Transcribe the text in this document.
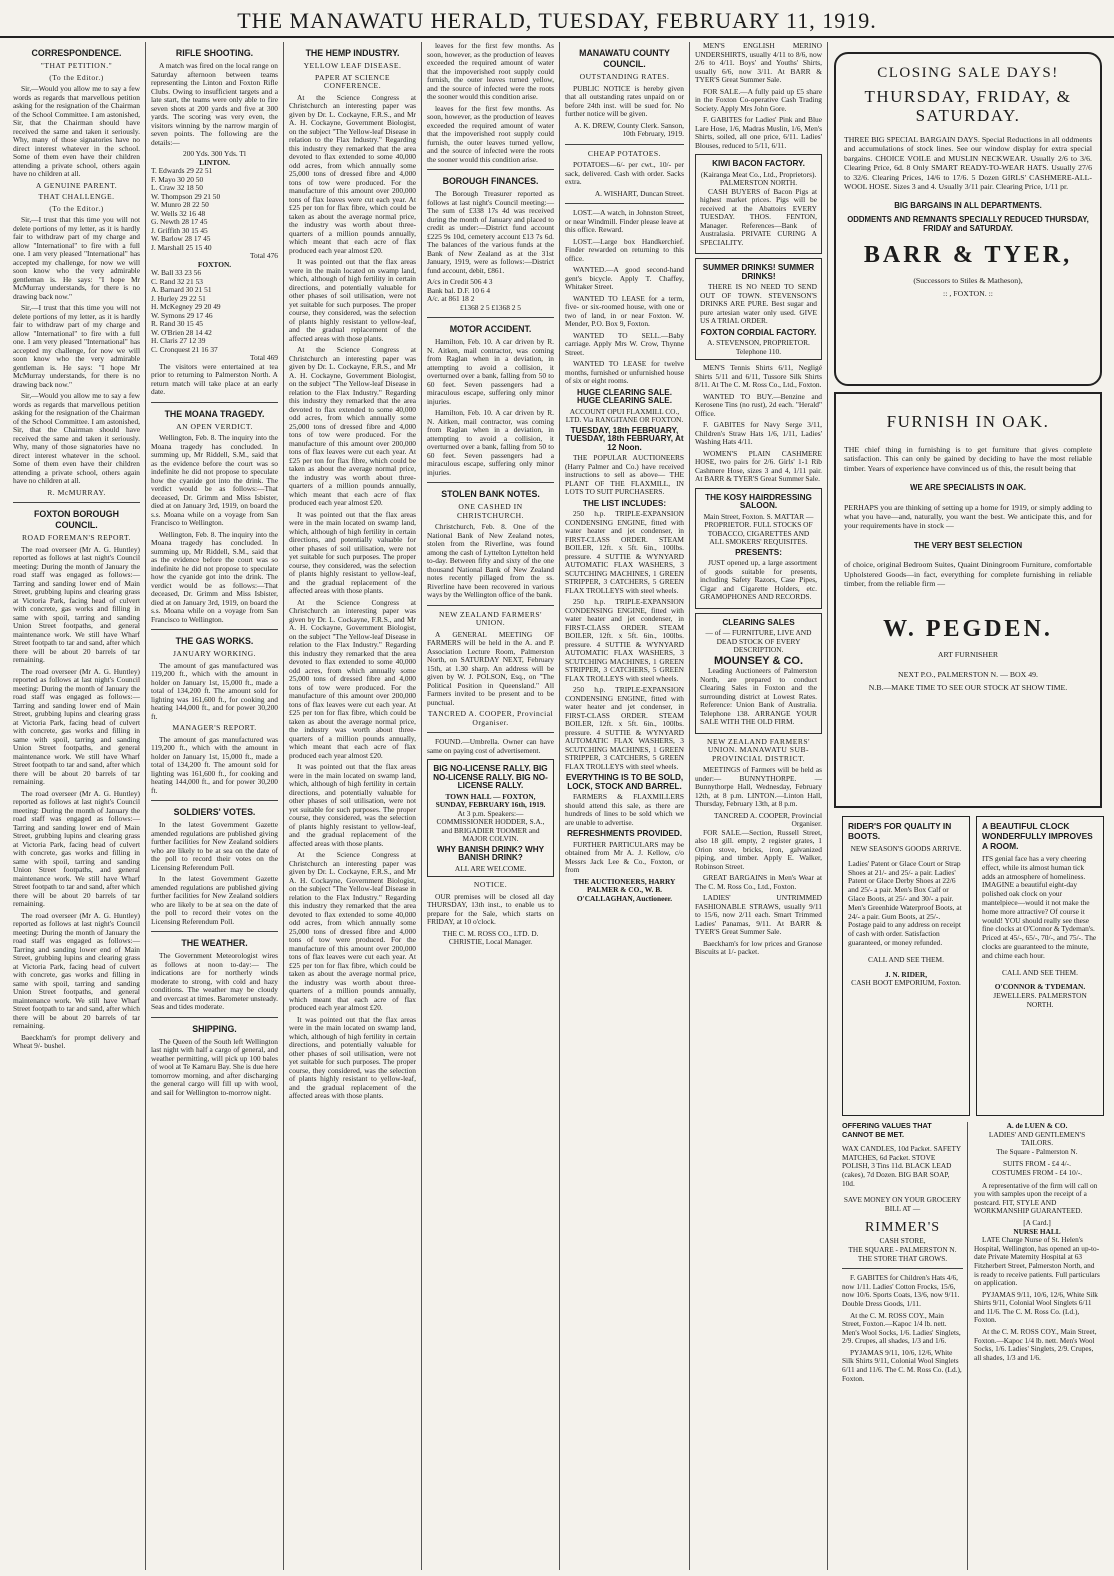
THE MANAWATU HERALD, TUESDAY, FEBRUARY 11, 1919.
CORRESPONDENCE.
"THAT PETITION."
(To the Editor.)

Sir,—Would you allow me to say a few words as regards that marvellous petition asking for the resignation of the Chairman of the School Committee. I am astonished, Sir, that the Chairman should have received the same and taken it seriously. Why, many of those signatories have no direct interest whatever in the school. Some of them even have their children attending a private school, others again have no children at all.

A GENUINE PARENT.
THAT CHALLENGE.
(To the Editor.)

Sir,—I trust that this time you will not delete portions of my letter, as it is hardly fair to withdraw part of my charge and allow "International" to fire with a full one. I am very pleased "International" has accepted my challenge, for now we will soon know who the very admirable gentleman is. He says: "I hope Mr McMurray understands, for there is no drawing back now."

Sir,—I trust that this time you will not delete portions of my letter, as it is hardly fair to withdraw part of my charge and allow "International" to fire with a full one. I am very pleased "International" has accepted my challenge, for now we will soon know who the very admirable gentleman is. He says: "I hope Mr McMurray understands, for there is no drawing back now."

Sir,—Would you allow me to say a few words as regards that marvellous petition asking for the resignation of the Chairman of the School Committee. I am astonished, Sir, that the Chairman should have received the same and taken it seriously. Why, many of those signatories have no direct interest whatever in the school. Some of them even have their children attending a private school, others again have no children at all.

R. McMURRAY.
FOXTON BOROUGH COUNCIL.
ROAD FOREMAN'S REPORT.

The road overseer (Mr A. G. Huntley) reported as follows at last night's Council meeting: During the month of January the road staff was engaged as follows:—Tarring and sanding lower end of Main Street, grubbing lupins and clearing grass at Victoria Park, facing head of culvert with concrete, gas works and filling in same with spoil, tarring and sanding Union Street footpaths, and general maintenance work. We still have Wharf Street footpath to tar and sand, after which there will be about 20 barrels of tar remaining.

The road overseer (Mr A. G. Huntley) reported as follows at last night's Council meeting: During the month of January the road staff was engaged as follows:—Tarring and sanding lower end of Main Street, grubbing lupins and clearing grass at Victoria Park, facing head of culvert with concrete, gas works and filling in same with spoil, tarring and sanding Union Street footpaths, and general maintenance work. We still have Wharf Street footpath to tar and sand, after which there will be about 20 barrels of tar remaining.

The road overseer (Mr A. G. Huntley) reported as follows at last night's Council meeting: During the month of January the road staff was engaged as follows:—Tarring and sanding lower end of Main Street, grubbing lupins and clearing grass at Victoria Park, facing head of culvert with concrete, gas works and filling in same with spoil, tarring and sanding Union Street footpaths, and general maintenance work. We still have Wharf Street footpath to tar and sand, after which there will be about 20 barrels of tar remaining.

The road overseer (Mr A. G. Huntley) reported as follows at last night's Council meeting: During the month of January the road staff was engaged as follows:—Tarring and sanding lower end of Main Street, grubbing lupins and clearing grass at Victoria Park, facing head of culvert with concrete, gas works and filling in same with spoil, tarring and sanding Union Street footpaths, and general maintenance work. We still have Wharf Street footpath to tar and sand, after which there will be about 20 barrels of tar remaining.

Baeckham's for prompt delivery and Wheat 9/- bushel.

RIFLE SHOOTING.

A match was fired on the local range on Saturday afternoon between teams representing the Linton and Foxton Rifle Clubs. Owing to insufficient targets and a late start, the teams were only able to fire seven shots at 200 yards and five at 300 yards. The scoring was very even, the visitors winning by the narrow margin of seven points. The following are the details:—

200 Yds. 300 Yds. Tl
LINTON.
T. Edwards 29 22 51
F. Mayo 30 20 50
L. Craw 32 18 50
W. Thompson 29 21 50
W. Munro 28 22 50
W. Wells 32 16 48
G. Newth 28 17 45
J. Griffith 30 15 45
W. Barlow 28 17 45
J. Marshall 25 15 40
Total 476
FOXTON.
W. Ball 33 23 56
C. Rand 32 21 53
A. Barnard 30 21 51
J. Hurley 29 22 51
H. McKegney 29 20 49
W. Symons 29 17 46
R. Rand 30 15 45
W. O'Brien 28 14 42
H. Claris 27 12 39
C. Cronquest 21 16 37
Total 469

The visitors were entertained at tea prior to returning to Palmerston North. A return match will take place at an early date.

THE MOANA TRAGEDY.
AN OPEN VERDICT.

Wellington, Feb. 8. The inquiry into the Moana tragedy has concluded. In summing up, Mr Riddell, S.M., said that as the evidence before the court was so indefinite he did not propose to speculate how the cyanide got into the drink. The verdict would be as follows:—That deceased, Dr. Grimm and Miss Isbister, died at on January 3rd, 1919, on board the s.s. Moana while on a voyage from San Francisco to Wellington.

Wellington, Feb. 8. The inquiry into the Moana tragedy has concluded. In summing up, Mr Riddell, S.M., said that as the evidence before the court was so indefinite he did not propose to speculate how the cyanide got into the drink. The verdict would be as follows:—That deceased, Dr. Grimm and Miss Isbister, died at on January 3rd, 1919, on board the s.s. Moana while on a voyage from San Francisco to Wellington.

THE GAS WORKS.
JANUARY WORKING.

The amount of gas manufactured was 119,200 ft., which with the amount in holder on January 1st, 15,000 ft., made a total of 134,200 ft. The amount sold for lighting was 161,600 ft., for cooking and heating 144,000 ft., and for power 30,200 ft.

MANAGER'S REPORT.

The amount of gas manufactured was 119,200 ft., which with the amount in holder on January 1st, 15,000 ft., made a total of 134,200 ft. The amount sold for lighting was 161,600 ft., for cooking and heating 144,000 ft., and for power 30,200 ft.

SOLDIERS' VOTES.

In the latest Government Gazette amended regulations are published giving further facilities for New Zealand soldiers who are likely to be at sea on the date of the poll to record their votes on the Licensing Referendum Poll.

In the latest Government Gazette amended regulations are published giving further facilities for New Zealand soldiers who are likely to be at sea on the date of the poll to record their votes on the Licensing Referendum Poll.

THE WEATHER.

The Government Meteorologist wires as follows at noon to-day:— The indications are for northerly winds moderate to strong, with cold and hazy conditions. The weather may be cloudy and overcast at times. Barometer unsteady. Seas and tides moderate.

SHIPPING.

The Queen of the South left Wellington last night with half a cargo of general, and weather permitting, will pick up 100 bales of wool at Te Kamaru Bay. She is due here tomorrow morning, and after discharging the general cargo will fill up with wool, and sail for Wellington to-morrow night.

THE HEMP INDUSTRY.
YELLOW LEAF DISEASE.
PAPER AT SCIENCE CONFERENCE.

At the Science Congress at Christchurch an interesting paper was given by Dr. L. Cockayne, F.R.S., and Mr A. H. Cockayne, Government Biologist, on the subject "The Yellow-leaf Disease in relation to the Flax Industry." Regarding this industry they remarked that the area devoted to flax extended to some 40,000 odd acres, from which annually some 25,000 tons of dressed fibre and 4,000 tons of tow were produced. For the manufacture of this amount over 200,000 tons of flax leaves were cut each year. At £25 per ton for flax fibre, which could be taken as about the average normal price, the industry was worth about three-quarters of a million pounds annually, which meant that each acre of flax produced each year almost £20.

It was pointed out that the flax areas were in the main located on swamp land, which, although of high fertility in certain directions, and potentially valuable for other phases of soil utilisation, were not yet suitable for such purposes. The proper course, they considered, was the selection of plants highly resistant to yellow-leaf, and the gradual replacement of the affected areas with those plants.

At the Science Congress at Christchurch an interesting paper was given by Dr. L. Cockayne, F.R.S., and Mr A. H. Cockayne, Government Biologist, on the subject "The Yellow-leaf Disease in relation to the Flax Industry." Regarding this industry they remarked that the area devoted to flax extended to some 40,000 odd acres, from which annually some 25,000 tons of dressed fibre and 4,000 tons of tow were produced. For the manufacture of this amount over 200,000 tons of flax leaves were cut each year. At £25 per ton for flax fibre, which could be taken as about the average normal price, the industry was worth about three-quarters of a million pounds annually, which meant that each acre of flax produced each year almost £20.

It was pointed out that the flax areas were in the main located on swamp land, which, although of high fertility in certain directions, and potentially valuable for other phases of soil utilisation, were not yet suitable for such purposes. The proper course, they considered, was the selection of plants highly resistant to yellow-leaf, and the gradual replacement of the affected areas with those plants.

At the Science Congress at Christchurch an interesting paper was given by Dr. L. Cockayne, F.R.S., and Mr A. H. Cockayne, Government Biologist, on the subject "The Yellow-leaf Disease in relation to the Flax Industry." Regarding this industry they remarked that the area devoted to flax extended to some 40,000 odd acres, from which annually some 25,000 tons of dressed fibre and 4,000 tons of tow were produced. For the manufacture of this amount over 200,000 tons of flax leaves were cut each year. At £25 per ton for flax fibre, which could be taken as about the average normal price, the industry was worth about three-quarters of a million pounds annually, which meant that each acre of flax produced each year almost £20.

It was pointed out that the flax areas were in the main located on swamp land, which, although of high fertility in certain directions, and potentially valuable for other phases of soil utilisation, were not yet suitable for such purposes. The proper course, they considered, was the selection of plants highly resistant to yellow-leaf, and the gradual replacement of the affected areas with those plants.

At the Science Congress at Christchurch an interesting paper was given by Dr. L. Cockayne, F.R.S., and Mr A. H. Cockayne, Government Biologist, on the subject "The Yellow-leaf Disease in relation to the Flax Industry." Regarding this industry they remarked that the area devoted to flax extended to some 40,000 odd acres, from which annually some 25,000 tons of dressed fibre and 4,000 tons of tow were produced. For the manufacture of this amount over 200,000 tons of flax leaves were cut each year. At £25 per ton for flax fibre, which could be taken as about the average normal price, the industry was worth about three-quarters of a million pounds annually, which meant that each acre of flax produced each year almost £20.

It was pointed out that the flax areas were in the main located on swamp land, which, although of high fertility in certain directions, and potentially valuable for other phases of soil utilisation, were not yet suitable for such purposes. The proper course, they considered, was the selection of plants highly resistant to yellow-leaf, and the gradual replacement of the affected areas with those plants.

leaves for the first few months. As soon, however, as the production of leaves exceeded the required amount of water that the impoverished root supply could furnish, the outer leaves turned yellow, and the source of infected were the roots the sooner would this condition arise.

leaves for the first few months. As soon, however, as the production of leaves exceeded the required amount of water that the impoverished root supply could furnish, the outer leaves turned yellow, and the source of infected were the roots the sooner would this condition arise.

BOROUGH FINANCES.

The Borough Treasurer reported as follows at last night's Council meeting:— The sum of £338 17s 4d was received during the month of January and placed to credit as under:—District fund account £225 9s 10d, cemetery account £13 7s 6d. The balances of the various funds at the Bank of New Zealand as at the 31st January, 1919, were as follows:—District fund account, debit, £861.

A/cs in Credit 506 4 3
Bank bal. D.F. 10 6 4
A/c. at 861 18 2
£1368 2 5 £1368 2 5
MOTOR ACCIDENT.

Hamilton, Feb. 10. A car driven by R. N. Aitken, mail contractor, was coming from Raglan when in a deviation, in attempting to avoid a collision, it overturned over a bank, falling from 50 to 60 feet. Seven passengers had a miraculous escape, suffering only minor injuries.

Hamilton, Feb. 10. A car driven by R. N. Aitken, mail contractor, was coming from Raglan when in a deviation, in attempting to avoid a collision, it overturned over a bank, falling from 50 to 60 feet. Seven passengers had a miraculous escape, suffering only minor injuries.

STOLEN BANK NOTES.
ONE CASHED IN CHRISTCHURCH.

Christchurch, Feb. 8. One of the National Bank of New Zealand notes, stolen from the Riverline, was found among the cash of Lyttelton Lyttelton held to-day. Between fifty and sixty of the one thousand National Bank of New Zealand notes recently pillaged from the ss. Riverline have been recovered in various ways by the Wellington office of the bank.

NEW ZEALAND FARMERS' UNION.

A GENERAL MEETING OF FARMERS will be held in the A. and P. Association Lecture Room, Palmerston North, on SATURDAY NEXT, February 15th, at 1.30 sharp. An address will be given by W. J. POLSON, Esq., on "The Political Position in Queensland." All Farmers invited to be present and to be punctual.

TANCRED A. COOPER, Provincial Organiser.

FOUND.—Umbrella. Owner can have same on paying cost of advertisement.

BIG NO-LICENSE RALLY. BIG NO-LICENSE RALLY. BIG NO-LICENSE RALLY.
TOWN HALL — FOXTON, SUNDAY, FEBRUARY 16th, 1919.
At 3 p.m. Speakers:— COMMISSIONER HODDER, S.A., and BRIGADIER TOOMER and MAJOR COLVIN.
WHY BANISH DRINK? WHY BANISH DRINK?
ALL ARE WELCOME.
NOTICE.

OUR premises will be closed all day THURSDAY, 13th inst., to enable us to prepare for the Sale, which starts on FRIDAY, at 10 o'clock.

THE C. M. ROSS CO., LTD. D. CHRISTIE, Local Manager.
MANAWATU COUNTY COUNCIL.
OUTSTANDING RATES.

PUBLIC NOTICE is hereby given that all outstanding rates unpaid on or before 24th inst. will be sued for. No further notice will be given.

A. K. DREW, County Clerk. Sanson, 10th February, 1919.
CHEAP POTATOES.

POTATOES—6/- per cwt., 10/- per sack, delivered. Cash with order. Sacks extra.

A. WISHART, Duncan Street.

LOST.—A watch, in Johnston Street, or near Windmill. Finder please leave at this office. Reward.

LOST.—Large box Handkerchief. Finder rewarded on returning to this office.

WANTED.—A good second-hand gent's bicycle. Apply T. Chaffey, Whitaker Street.

WANTED TO LEASE for a term, five- or six-roomed house, with one or two of land, in or near Foxton. W. Mender, P.O. Box 9, Foxton.

WANTED TO SELL.—Baby carriage. Apply Mrs W. Crow, Thynne Street.

WANTED TO LEASE for twelve months, furnished or unfurnished house of six or eight rooms.

HUGE CLEARING SALE. HUGE CLEARING SALE.
ACCOUNT OPUI FLAXMILL CO., LTD. Via RANGITANE OR FOXTON.
TUESDAY, 18th FEBRUARY, TUESDAY, 18th FEBRUARY, At 12 Noon.

THE POPULAR AUCTIONEERS (Harry Palmer and Co.) have received instructions to sell as above— THE PLANT OF THE FLAXMILL, IN LOTS TO SUIT PURCHASERS.

THE LIST INCLUDES:

250 h.p. TRIPLE-EXPANSION CONDENSING ENGINE, fitted with water heater and jet condenser, in FIRST-CLASS ORDER. STEAM BOILER, 12ft. x 5ft. 6in., 100lbs. pressure. 4 SUTTIE & WYNYARD AUTOMATIC FLAX WASHERS, 3 SCUTCHING MACHINES, 1 GREEN STRIPPER, 3 CATCHERS, 5 GREEN FLAX TROLLEYS with steel wheels.

250 h.p. TRIPLE-EXPANSION CONDENSING ENGINE, fitted with water heater and jet condenser, in FIRST-CLASS ORDER. STEAM BOILER, 12ft. x 5ft. 6in., 100lbs. pressure. 4 SUTTIE & WYNYARD AUTOMATIC FLAX WASHERS, 3 SCUTCHING MACHINES, 1 GREEN STRIPPER, 3 CATCHERS, 5 GREEN FLAX TROLLEYS with steel wheels.

250 h.p. TRIPLE-EXPANSION CONDENSING ENGINE, fitted with water heater and jet condenser, in FIRST-CLASS ORDER. STEAM BOILER, 12ft. x 5ft. 6in., 100lbs. pressure. 4 SUTTIE & WYNYARD AUTOMATIC FLAX WASHERS, 3 SCUTCHING MACHINES, 1 GREEN STRIPPER, 3 CATCHERS, 5 GREEN FLAX TROLLEYS with steel wheels.

EVERYTHING IS TO BE SOLD, LOCK, STOCK AND BARREL.

FARMERS & FLAXMILLERS should attend this sale, as there are hundreds of lines to be sold which we are unable to advertise.

REFRESHMENTS PROVIDED.

FURTHER PARTICULARS may be obtained from Mr A. J. Kellow, c/o Messrs Jack Lee & Co., Foxton, or from

THE AUCTIONEERS, HARRY PALMER & CO., W. B. O'CALLAGHAN, Auctioneer.

MEN'S ENGLISH MERINO UNDERSHIRTS, usually 4/11 to 8/6, now 2/6 to 4/11. Boys' and Youths' Shirts, usually 6/6, now 3/11. At BARR & TYER'S Great Summer Sale.

FOR SALE.—A fully paid up £5 share in the Foxton Co-operative Cash Trading Society. Apply Mrs John Gore.

F. GABITES for Ladies' Pink and Blue Lare Hose, 1/6, Madras Muslin, 1/6, Men's Shirts, soiled, all one price, 6/11. Ladies' Blouses, reduced to 5/11, 6/11.

KIWI BACON FACTORY.
(Kairanga Meat Co., Ltd., Proprietors). PALMERSTON NORTH.

CASH BUYERS of Bacon Pigs at highest market prices. Pigs will be received at the Abattoirs EVERY TUESDAY. THOS. FENTON, Manager. References—Bank of Australasia. PRIVATE CURING A SPECIALITY.

SUMMER DRINKS! SUMMER DRINKS!

THERE IS NO NEED TO SEND OUT OF TOWN. STEVENSON'S DRINKS ARE PURE. Best sugar and pure artesian water only used. GIVE US A TRIAL ORDER.

FOXTON CORDIAL FACTORY.
A. STEVENSON, PROPRIETOR. Telephone 110.

MEN'S Tennis Shirts 6/11, Negligé Shirts 5/11 and 6/11, Tussore Silk Shirts 8/11. At The C. M. Ross Co., Ltd., Foxton.

WANTED TO BUY.—Benzine and Kerosene Tins (no rust), 2d each. "Herald" Office.

F. GABITES for Navy Serge 3/11, Children's Straw Hats 1/6, 1/11, Ladies' Washing Hats 4/11.

WOMEN'S PLAIN CASHMERE HOSE, two pairs for 2/6. Girls' 1-1 Rib Cashmere Hose, sizes 3 and 4, 1/11 pair. At BARR & TYER'S Great Summer Sale.

THE KOSY HAIRDRESSING SALOON.
Main Street, Foxton. S. MATTAR — PROPRIETOR. FULL STOCKS OF TOBACCO, CIGARETTES AND ALL SMOKERS' REQUISITES.
PRESENTS:

JUST opened up, a large assortment of goods suitable for presents, including Safety Razors, Case Pipes, Cigar and Cigarette Holders, etc. GRAMOPHONES AND RECORDS.

CLEARING SALES
— of — FURNITURE, LIVE AND DEAD STOCK OF EVERY DESCRIPTION.
MOUNSEY & CO.

Leading Auctioneers of Palmerston North, are prepared to conduct Clearing Sales in Foxton and the surrounding district at Lowest Rates. Reference: Union Bank of Australia. Telephone 138. ARRANGE YOUR SALE WITH THE OLD FIRM.

NEW ZEALAND FARMERS' UNION. MANAWATU SUB-PROVINCIAL DISTRICT.

MEETINGS of Farmers will be held as under:— BUNNYTHORPE. — Bunnythorpe Hall, Wednesday, February 12th, at 8 p.m. LINTON.—Linton Hall, Thursday, February 13th, at 8 p.m.

TANCRED A. COOPER, Provincial Organiser.

FOR SALE.—Section, Russell Street, also 18 gill. empty, 2 register grates, 1 Orion stove, bricks, iron, galvanized piping, and timber. Apply E. Walker, Robinson Street.

GREAT BARGAINS in Men's Wear at The C. M. Ross Co., Ltd., Foxton.

LADIES' UNTRIMMED FASHIONABLE STRAWS, usually 9/11 to 15/6, now 2/11 each. Smart Trimmed Ladies' Panamas, 9/11. At BARR & TYER'S Great Summer Sale.

Baeckham's for low prices and Granose Biscuits at 1/- packet.

CLOSING SALE DAYS!
THURSDAY, FRIDAY, & SATURDAY.
THREE BIG SPECIAL BARGAIN DAYS. Special Reductions in all oddments and accumulations of stock lines. See our window display for extra special bargains. CHOICE VOILE and MUSLIN NECKWEAR. Usually 2/6 to 3/6. Clearing Price, 6d. 8 Only SMART READY-TO-WEAR HATS. Usually 27/6 to 32/6. Clearing Prices, 14/6 to 17/6. 5 Dozen GIRLS' CASHMERE-ALL-WOOL HOSE. Sizes 3 and 4. Usually 3/11 pair. Clearing Price, 1/11 pr.
BIG BARGAINS IN ALL DEPARTMENTS.
ODDMENTS AND REMNANTS SPECIALLY REDUCED THURSDAY, FRIDAY and SATURDAY.
BARR & TYER,
(Successors to Stiles & Matheson),
:: , FOXTON. ::
FURNISH IN OAK.
THE chief thing in furnishing is to get furniture that gives complete satisfaction. This can only be gained by deciding to have the most reliable timber. Years of experience have convinced us of this, the result being that
WE ARE SPECIALISTS IN OAK.
PERHAPS you are thinking of setting up a home for 1919, or simply adding to what you have—and, naturally, you want the best. We anticipate this, and for your requirements have in stock —
THE VERY BEST SELECTION
of choice, original Bedroom Suites, Quaint Diningroom Furniture, comfortable Upholstered Goods—in fact, everything for complete furnishing in reliable timber, from the reliable firm —
W. PEGDEN.
ART FURNISHER
NEXT P.O., PALMERSTON N. — BOX 49.
N.B.—MAKE TIME TO SEE OUR STOCK AT SHOW TIME.
RIDER'S FOR QUALITY IN BOOTS.
NEW SEASON'S GOODS ARRIVE.
Ladies' Patent or Glace Court or Strap Shoes at 21/- and 25/- a pair. Ladies' Patent or Glace Derby Shoes at 22/6 and 25/- a pair. Men's Box Calf or Glace Boots, at 25/- and 30/- a pair. Men's Greenhide Waterproof Boots, at 24/- a pair. Gum Boots, at 25/-. Postage paid to any address on receipt of cash with order. Satisfaction guaranteed, or money refunded.
CALL AND SEE THEM.
J. N. RIDER,
CASH BOOT EMPORIUM, Foxton.
A BEAUTIFUL CLOCK WONDERFULLY IMPROVES A ROOM.
ITS genial face has a very cheering effect, while its almost human tick adds an atmosphere of homeliness. IMAGINE a beautiful eight-day polished oak clock on your mantelpiece—would it not make the home more attractive? Of course it would! YOU should really see these fine clocks at O'Connor & Tydeman's. Priced at 45/-, 65/-, 70/-, and 75/-. The clocks are guaranteed to the minute, and chime each hour.
CALL AND SEE THEM.
O'CONNOR & TYDEMAN.
JEWELLERS. PALMERSTON NORTH.
OFFERING VALUES THAT CANNOT BE MET.
WAX CANDLES, 10d Packet. SAFETY MATCHES, 6d Packet. STOVE POLISH, 3 Tins 11d. BLACK LEAD (cakes), 7d Dozen. BIG BAR SOAP, 10d.
SAVE MONEY ON YOUR GROCERY BILL AT —
RIMMER'S
CASH STORE,
THE SQUARE - PALMERSTON N. THE STORE THAT GROWS.

F. GABITES for Children's Hats 4/6, now 1/11. Ladies' Cotton Frocks, 15/6, now 10/6. Sports Coats, 13/6, now 9/11. Double Dress Goods, 1/11.

At the C. M. ROSS COY., Main Street, Foxton.—Kapoc 1/4 lb. nett. Men's Wool Socks, 1/6. Ladies' Singlets, 2/9. Crupes, all shades, 1/3 and 1/6.

PYJAMAS 9/11, 10/6, 12/6, White Silk Shirts 9/11, Colonial Wool Singlets 6/11 and 11/6. The C. M. Ross Co. (Ld.), Foxton.

A. de LUEN & CO.
LADIES' AND GENTLEMEN'S TAILORS.
The Square - Palmerston N.
SUITS FROM - £4 4/-.
COSTUMES FROM - £4 10/-.

A representative of the firm will call on you with samples upon the receipt of a postcard. FIT, STYLE AND WORKMANSHIP GUARANTEED.

[A Card.]
NURSE HALL

LATE Charge Nurse of St. Helen's Hospital, Wellington, has opened an up-to-date Private Maternity Hospital at 63 Fitzherbert Street, Palmerston North, and is ready to receive patients. Full particulars on application.

PYJAMAS 9/11, 10/6, 12/6, White Silk Shirts 9/11, Colonial Wool Singlets 6/11 and 11/6. The C. M. Ross Co. (Ld.), Foxton.

At the C. M. ROSS COY., Main Street, Foxton.—Kapoc 1/4 lb. nett. Men's Wool Socks, 1/6. Ladies' Singlets, 2/9. Crupes, all shades, 1/3 and 1/6.
